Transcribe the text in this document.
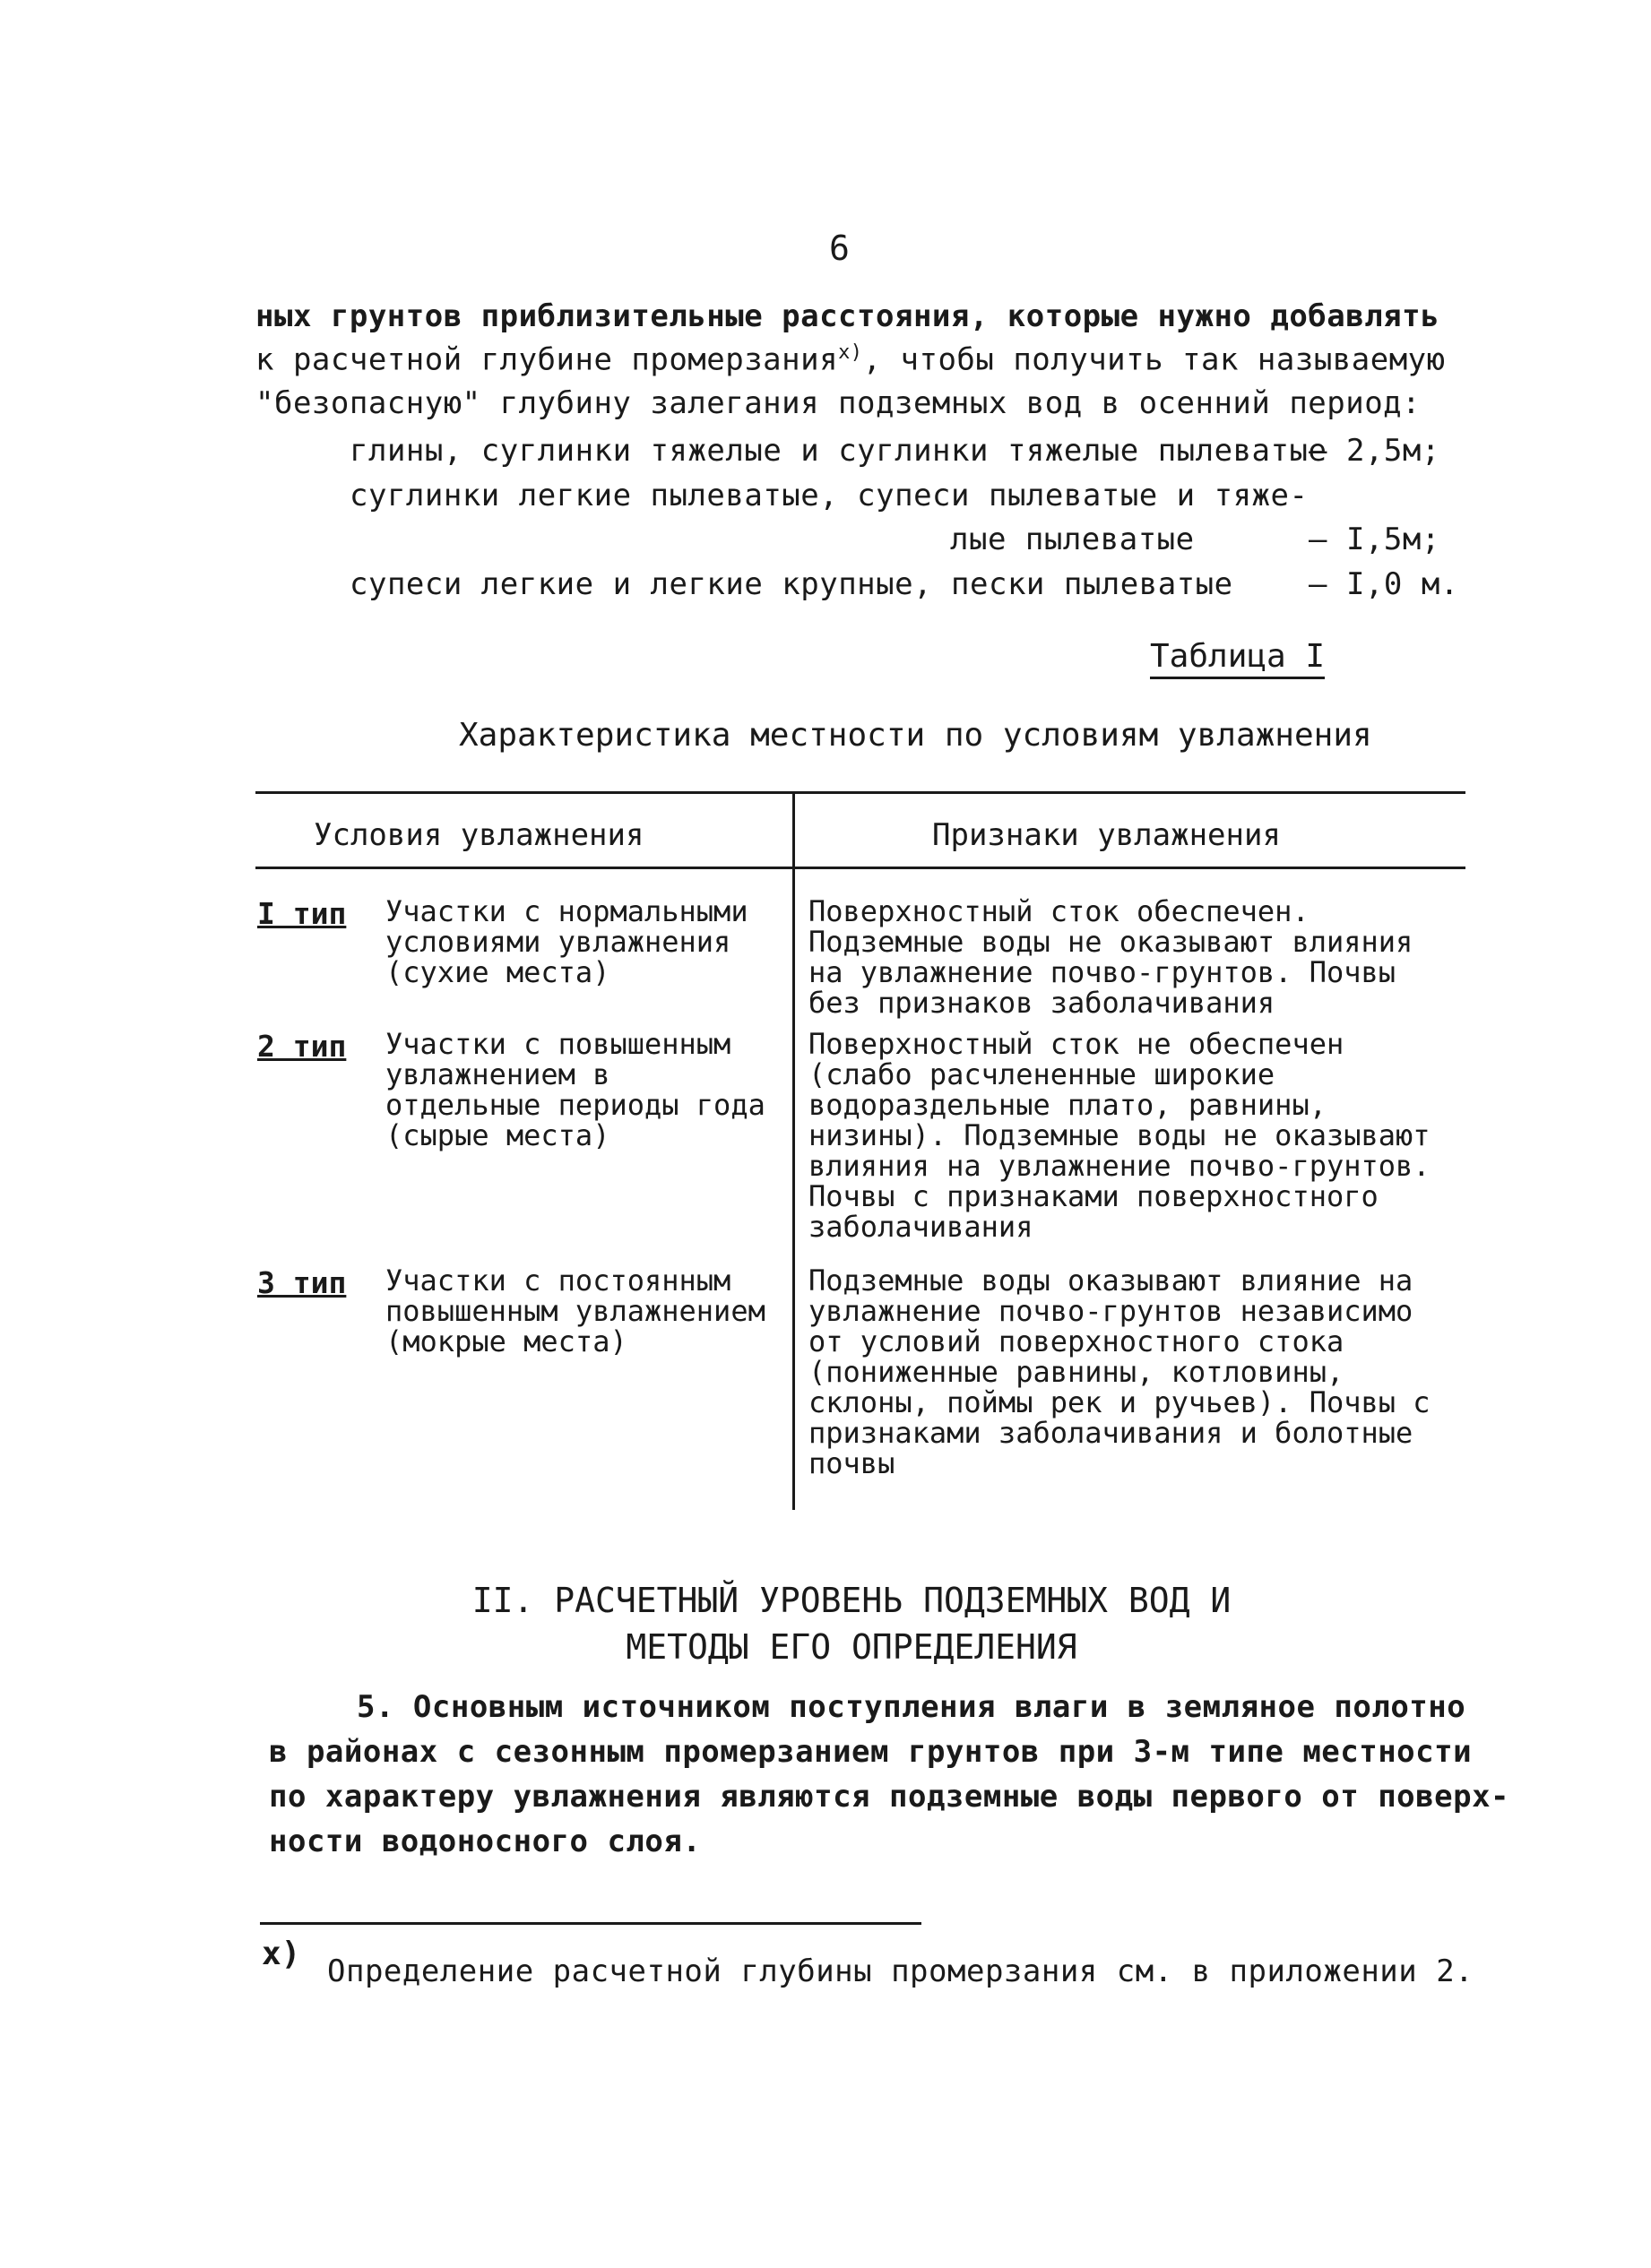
6
ных грунтов приблизительные расстояния, которые нужно добавлять
к расчетной глубине промерзания$^{x)}$, чтобы получить так называемую
"безопасную" глубину залегания подземных вод в осенний период:
глины, суглинки тяжелые и суглинки тяжелые пылеватые
– 2,5м;
суглинки легкие пылеватые, супеси пылеватые и тяже-
лые пылеватые	– I,5м;
супеси легкие и легкие крупные, пески пылеватые – I,0 м.
Таблица I
Характеристика местности по условиям увлажнения
Условия увлажнения	Признаки увлажнения
I тип Участки с нормальными условиями увлажнения (сухие места)
Поверхностный сток обеспечен. Подземные воды не оказывают влияния на увлажнение почво-грунтов. Почвы без признаков заболачивания
2 тип Участки с повышенным увлажнением в отдельные периоды года (сырые места)
Поверхностный сток не обеспечен (слабо расчлененные широкие водораздельные плато, равнины, низины). Подземные воды не оказывают влияния на увлажнение почво-грунтов. Почвы с признаками поверхностного заболачивания
3 тип Участки с постоянным повышенным увлажнением (мокрые места)
Подземные воды оказывают влияние на увлажнение почво-грунтов независимо от условий поверхностного стока (пониженные равнины, котловины, склоны, поймы рек и ручьев). Почвы с признаками заболачивания и болотные почвы
II. РАСЧЕТНЫЙ УРОВЕНЬ ПОДЗЕМНЫХ ВОД И
МЕТОДЫ ЕГО ОПРЕДЕЛЕНИЯ
5. Основным источником поступления влаги в земляное полотно
в районах с сезонным промерзанием грунтов при 3-м типе местности
по характеру увлажнения являются подземные воды первого от поверх-
ности водоносного слоя.
x) Определение расчетной глубины промерзания см. в приложении 2.
